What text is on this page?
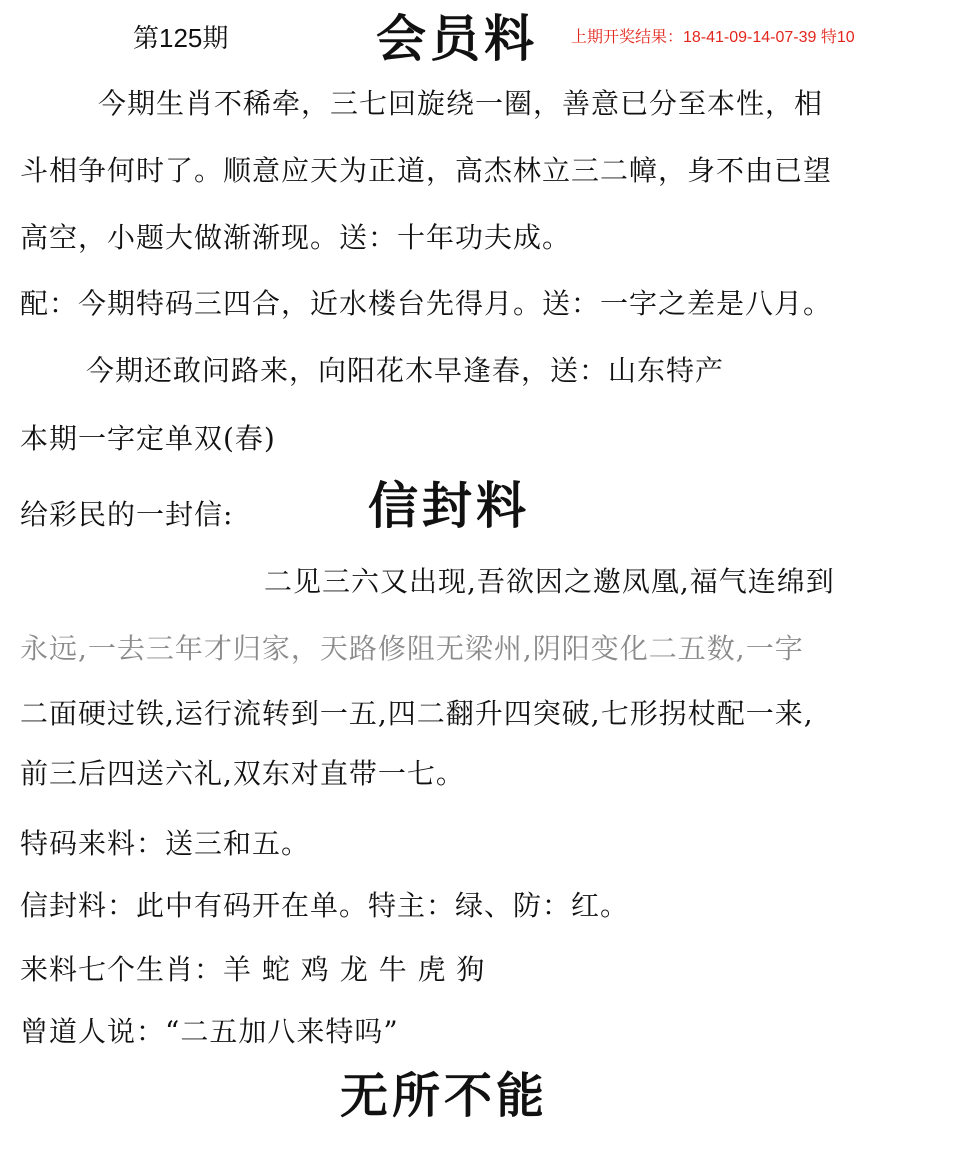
第125期	会员料 上期开奖结果：18-41-09-14-07-39 特10
今期生肖不稀牵，三七回旋绕一圈，善意已分至本性，相
斗相争何时了。顺意应天为正道，高杰林立三二幛，身不由已望
高空，小题大做渐渐现。送：十年功夫成。
配：今期特码三四合，近水楼台先得月。送：一字之差是八月。
今期还敢问路来，向阳花木早逢春，送：山东特产
本期一字定单双(春)
给彩民的一封信:	信封料
二见三六又出现,吾欲因之邀凤凰,福气连绵到
永远,一去三年才归家，天路修阻无梁州,阴阳变化二五数,一字
二面硬过铁,运行流转到一五,四二翻升四突破,七形拐杖配一来,
前三后四送六礼,双东对直带一七。
特码来料：送三和五。
信封料：此中有码开在单。特主：绿、防：红。
来料七个生肖：羊 蛇 鸡 龙 牛 虎 狗
曾道人说：“二五加八来特吗”
无所不能
